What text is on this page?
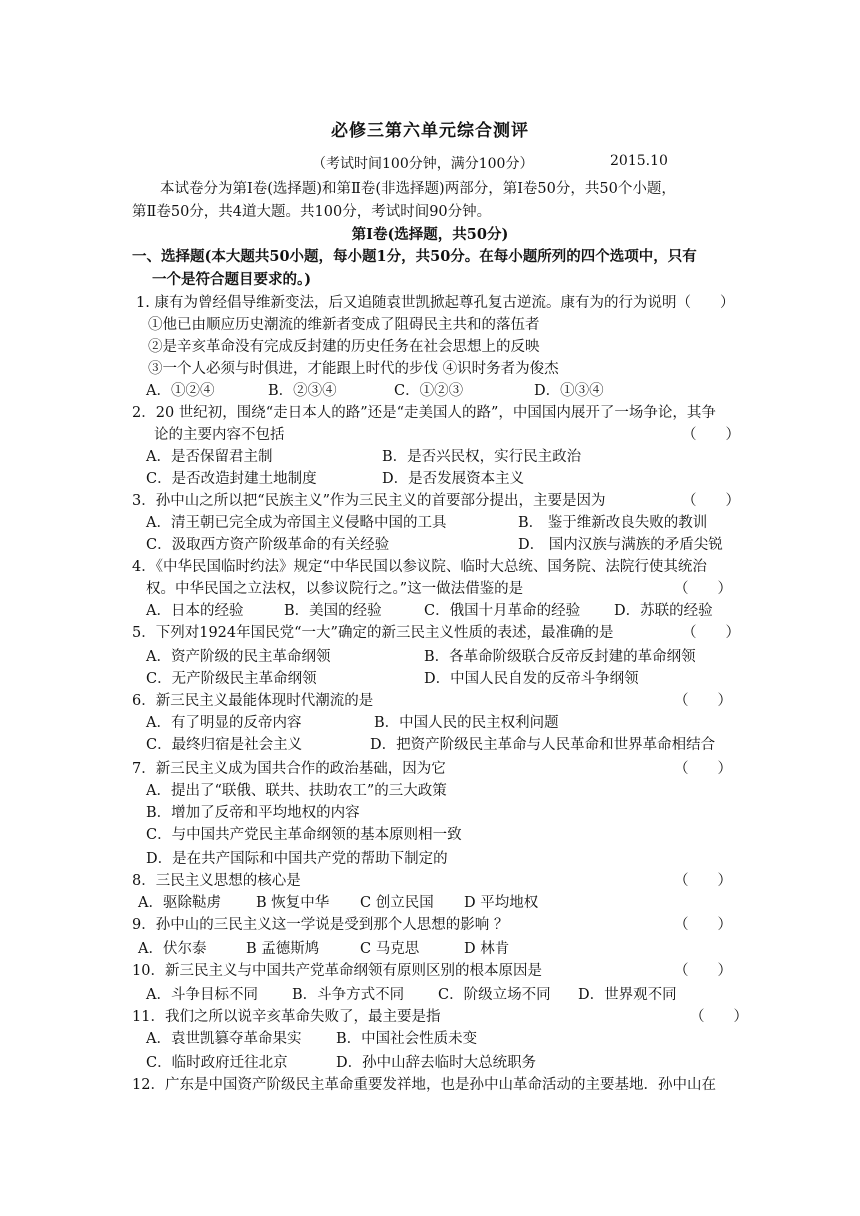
必修三第六单元综合测评
（考试时间100分钟，满分100分）	2015.10
本试卷分为第Ⅰ卷(选择题)和第Ⅱ卷(非选择题)两部分，第Ⅰ卷50分，共50个小题，
第Ⅱ卷50分，共4道大题。共100分，考试时间90分钟。
第Ⅰ卷(选择题，共50分)
一、选择题(本大题共50小题，每小题1分，共50分。在每小题所列的四个选项中，只有
一个是符合题目要求的。)
1. 康有为曾经倡导维新变法，后又追随袁世凯掀起尊孔复古逆流。康有为的行为说明（　　）
①他已由顺应历史潮流的维新者变成了阻碍民主共和的落伍者
②是辛亥革命没有完成反封建的历史任务在社会思想上的反映
③一个人必须与时俱进，才能跟上时代的步伐 ④识时务者为俊杰
A．①②④	B．②③④	C．①②③	D．①③④
2．20 世纪初，围绕“走日本人的路”还是“走美国人的路”，中国国内展开了一场争论，其争
论的主要内容不包括	（　　）
A．是否保留君主制	B．是否兴民权，实行民主政治
C．是否改造封建土地制度	D．是否发展资本主义
3．孙中山之所以把“民族主义”作为三民主义的首要部分提出，主要是因为	（　　）
A．清王朝已完全成为帝国主义侵略中国的工具	B． 鉴于维新改良失败的教训
C．汲取西方资产阶级革命的有关经验	D． 国内汉族与满族的矛盾尖锐
4．《中华民国临时约法》规定“中华民国以参议院、临时大总统、国务院、法院行使其统治
权。中华民国之立法权，以参议院行之。”这一做法借鉴的是	（　　）
A．日本的经验	B．美国的经验	C．俄国十月革命的经验 D．苏联的经验
5．下列对1924年国民党“一大”确定的新三民主义性质的表述，最准确的是	（　　）
A．资产阶级的民主革命纲领	B．各革命阶级联合反帝反封建的革命纲领
C．无产阶级民主革命纲领	D．中国人民自发的反帝斗争纲领
6．新三民主义最能体现时代潮流的是	（　　）
A．有了明显的反帝内容	B．中国人民的民主权利问题
C．最终归宿是社会主义	D．把资产阶级民主革命与人民革命和世界革命相结合
7．新三民主义成为国共合作的政治基础，因为它	（　　）
A．提出了“联俄、联共、扶助农工”的三大政策
B．增加了反帝和平均地权的内容
C．与中国共产党民主革命纲领的基本原则相一致
D．是在共产国际和中国共产党的帮助下制定的
8．三民主义思想的核心是	（　　）
A．驱除鞑虏 B 恢复中华 C 创立民国 D 平均地权
9．孙中山的三民主义这一学说是受到那个人思想的影响 ？	（　　）
A．伏尔泰	B 孟德斯鸠	C 马克思	D 林肯
10．新三民主义与中国共产党革命纲领有原则区别的根本原因是	（　　）
A．斗争目标不同 B．斗争方式不同 C．阶级立场不同 D．世界观不同
11．我们之所以说辛亥革命失败了，最主要是指	（　　）
A．袁世凯篡夺革命果实 B．中国社会性质未变
C．临时政府迁往北京	D．孙中山辞去临时大总统职务
12．广东是中国资产阶级民主革命重要发祥地，也是孙中山革命活动的主要基地．孙中山在
